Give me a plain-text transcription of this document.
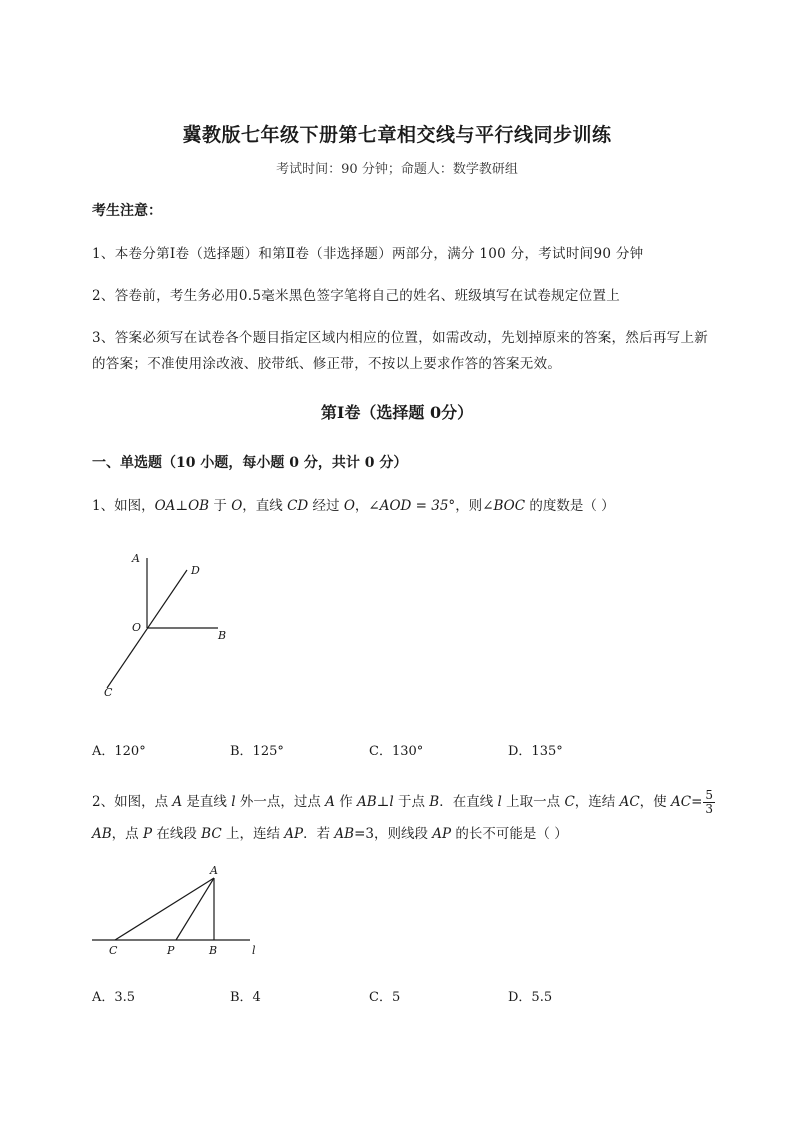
冀教版七年级下册第七章相交线与平行线同步训练
考试时间：90 分钟；命题人：数学教研组
考生注意：
1、本卷分第Ⅰ卷（选择题）和第Ⅱ卷（非选择题）两部分，满分 100 分，考试时间90 分钟
2、答卷前，考生务必用0.5毫米黑色签字笔将自己的姓名、班级填写在试卷规定位置上
3、答案必须写在试卷各个题目指定区域内相应的位置，如需改动，先划掉原来的答案，然后再写上新
的答案；不准使用涂改液、胶带纸、修正带，不按以上要求作答的答案无效。
第Ⅰ卷（选择题 0分）
一、单选题（10 小题，每小题 0 分，共计 0 分）
1、如图，OA⊥OB 于 O，直线 CD 经过 O，∠AOD = 35°，则∠BOC 的度数是（ ）
A
D
O
B
C
A．120°	B．125°	C．130°	D．135°
2、如图，点 A 是直线 l 外一点，过点 A 作 AB⊥l 于点 B．在直线 l 上取一点 C，连结 AC，使 $AC= \frac{5}{3}$
AB，点 P 在线段 BC 上，连结 AP．若 AB=3，则线段 AP 的长不可能是（ ）
A
C	P	B	l
A．3.5	B．4	C．5	D．5.5
